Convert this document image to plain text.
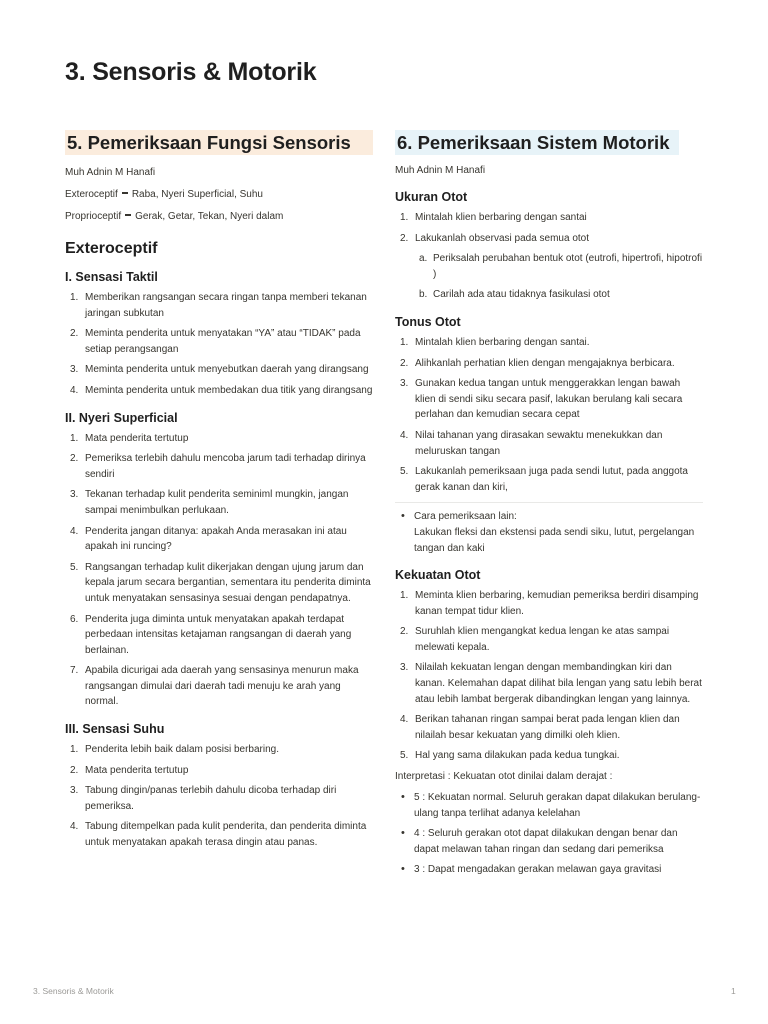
3. Sensoris & Motorik
5. Pemeriksaan Fungsi Sensoris

Muh Adnin M Hanafi

Exteroceptif Raba, Nyeri Superficial, Suhu

Proprioceptif Gerak, Getar, Tekan, Nyeri dalam

Exteroceptif
I. Sensasi Taktil
1. Memberikan rangsangan secara ringan tanpa memberi tekanan jaringan subkutan
2. Meminta penderita untuk menyatakan “YA” atau “TIDAK” pada setiap perangsangan
3. Meminta penderita untuk menyebutkan daerah yang dirangsang
4. Meminta penderita untuk membedakan dua titik yang dirangsang
II. Nyeri Superficial
1. Mata penderita tertutup
2. Pemeriksa terlebih dahulu mencoba jarum tadi terhadap dirinya sendiri
3. Tekanan terhadap kulit penderita seminiml mungkin, jangan sampai menimbulkan perlukaan.
4. Penderita jangan ditanya: apakah Anda merasakan ini atau apakah ini runcing?
5. Rangsangan terhadap kulit dikerjakan dengan ujung jarum dan kepala jarum secara bergantian, sementara itu penderita diminta untuk menyatakan sensasinya sesuai dengan pendapatnya.
6. Penderita juga diminta untuk menyatakan apakah terdapat perbedaan intensitas ketajaman rangsangan di daerah yang berlainan.
7. Apabila dicurigai ada daerah yang sensasinya menurun maka rangsangan dimulai dari daerah tadi menuju ke arah yang normal.
III. Sensasi Suhu
1. Penderita lebih baik dalam posisi berbaring.
2. Mata penderita tertutup
3. Tabung dingin/panas terlebih dahulu dicoba terhadap diri pemeriksa.
4. Tabung ditempelkan pada kulit penderita, dan penderita diminta untuk menyatakan apakah terasa dingin atau panas.
6. Pemeriksaan Sistem Motorik

Muh Adnin M Hanafi

Ukuran Otot
1. Mintalah klien berbaring dengan santai
2. Lakukanlah observasi pada semua otot
a. Periksalah perubahan bentuk otot (eutrofi, hipertrofi, hipotrofi )
b. Carilah ada atau tidaknya fasikulasi otot
Tonus Otot
1. Mintalah klien berbaring dengan santai.
2. Alihkanlah perhatian klien dengan mengajaknya berbicara.
3. Gunakan kedua tangan untuk menggerakkan lengan bawah klien di sendi siku secara pasif, lakukan berulang kali secara perlahan dan kemudian secara cepat
4. Nilai tahanan yang dirasakan sewaktu menekukkan dan meluruskan tangan
5. Lakukanlah pemeriksaan juga pada sendi lutut, pada anggota gerak kanan dan kiri,
• Cara pemeriksaan lain:
Lakukan fleksi dan ekstensi pada sendi siku, lutut, pergelangan tangan dan kaki
Kekuatan Otot
1. Meminta klien berbaring, kemudian pemeriksa berdiri disamping kanan tempat tidur klien.
2. Suruhlah klien mengangkat kedua lengan ke atas sampai melewati kepala.
3. Nilailah kekuatan lengan dengan membandingkan kiri dan kanan. Kelemahan dapat dilihat bila lengan yang satu lebih berat atau lebih lambat bergerak dibandingkan lengan yang lainnya.
4. Berikan tahanan ringan sampai berat pada lengan klien dan nilailah besar kekuatan yang dimilki oleh klien.
5. Hal yang sama dilakukan pada kedua tungkai.

Interpretasi : Kekuatan otot dinilai dalam derajat :

• 5 : Kekuatan normal. Seluruh gerakan dapat dilakukan berulang-ulang tanpa terlihat adanya kelelahan
• 4 : Seluruh gerakan otot dapat dilakukan dengan benar dan dapat melawan tahan ringan dan sedang dari pemeriksa
• 3 : Dapat mengadakan gerakan melawan gaya gravitasi
3. Sensoris & Motorik	1
